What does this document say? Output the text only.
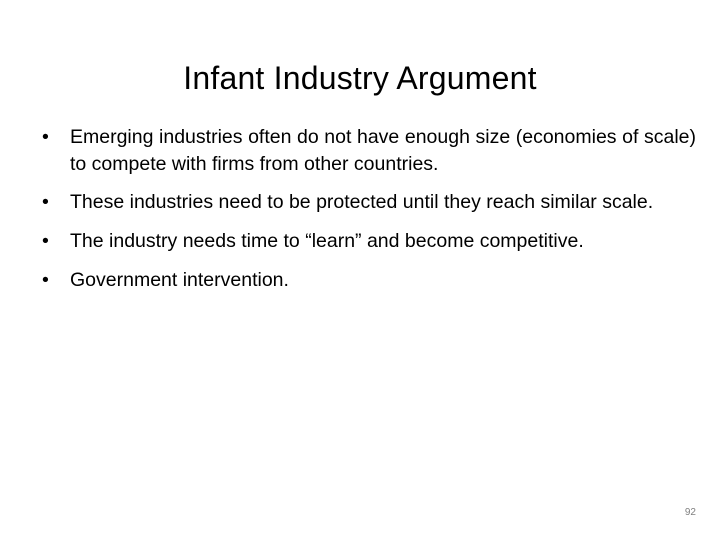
Infant Industry Argument
• Emerging industries often do not have enough size (economies of scale) to compete with firms from other countries.
• These industries need to be protected until they reach similar scale.
• The industry needs time to “learn” and become competitive.
• Government intervention.
92
